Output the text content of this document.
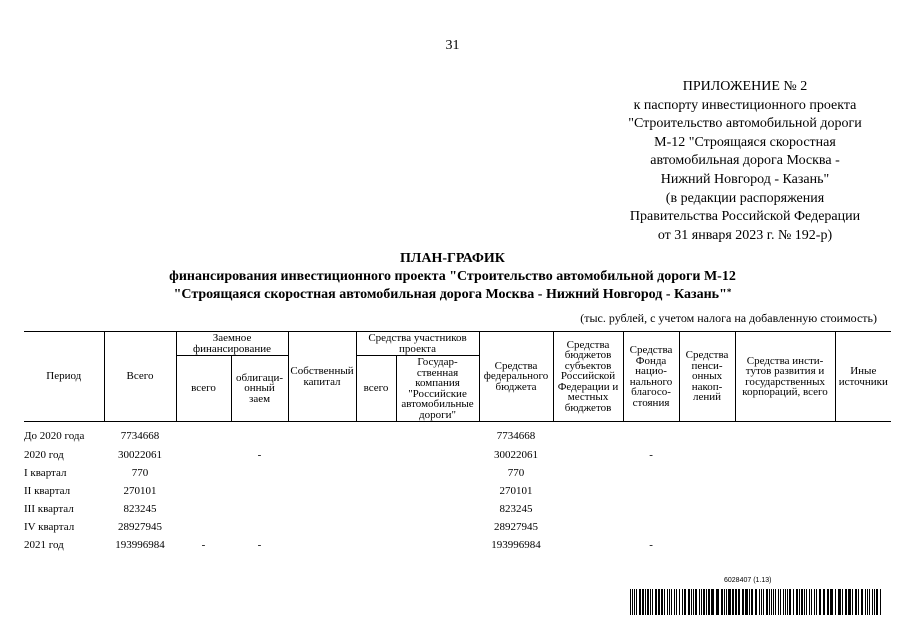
31
ПРИЛОЖЕНИЕ № 2
к паспорту инвестиционного проекта
"Строительство автомобильной дороги
М-12 "Строящаяся скоростная
автомобильная дорога Москва -
Нижний Новгород - Казань"
(в редакции распоряжения
Правительства Российской Федерации
от 31 января 2023 г. № 192-р)
ПЛАН-ГРАФИК
финансирования инвестиционного проекта "Строительство автомобильной дороги М-12
"Строящаяся скоростная автомобильная дорога Москва - Нижний Новгород - Казань"*
(тыс. рублей, с учетом налога на добавленную стоимость)
Период	Всего	Заемное финансирование		Собственный капитал	Средства участников проекта		Средства федерального бюджета	Средства бюджетов субъектов Российской Федерации и местных бюджетов	Средства Фонда нацио- нального благосо- стояния	Средства пенси- онных накоп- лений	Средства инсти- тутов развития и государственных корпораций, всего	Иные источники
		всего	облигаци- онный заем		всего	Государ- ственная компания "Российские автомобильные дороги"						
До 2020 года	7734668						7734668					
2020 год	30022061		-				30022061		-			
I квартал	770						770					
II квартал	270101						270101					
III квартал	823245						823245					
IV квартал	28927945						28927945					
2021 год	193996984	-	-				193996984		-			
6028407 (1.13)
